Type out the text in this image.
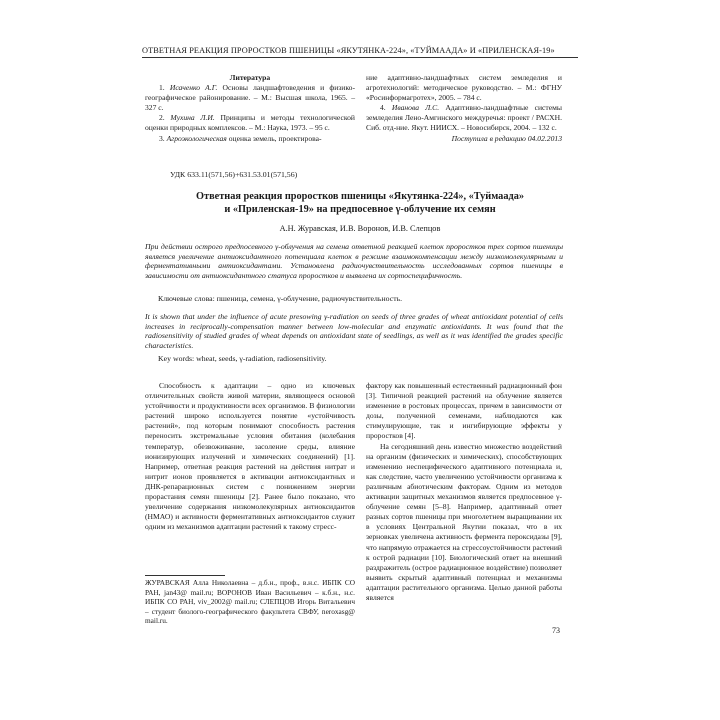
ОТВЕТНАЯ РЕАКЦИЯ ПРОРОСТКОВ ПШЕНИЦЫ «ЯКУТЯНКА-224», «ТУЙМААДА» И «ПРИЛЕНСКАЯ-19»

Литература

1. Исаченко А.Г. Основы ландшафтоведения и физико-географическое районирование. – М.: Высшая школа, 1965. – 327 с.

2. Мухина Л.И. Принципы и методы технологической оценки природных комплексов. – М.: Наука, 1973. – 95 с.

3. Агроэкологическая оценка земель, проектирова-

ние адаптивно-ландшафтных систем земледелия и агротехнологий: методическое руководство. – М.: ФГНУ «Росинформагротех», 2005. – 784 с.

4. Иванова Л.С. Адаптивно-ландшафтные системы земледелия Лено-Амгинского междуречья: проект / РАСХН. Сиб. отд-ние. Якут. НИИСХ. – Новосибирск, 2004. – 132 с.

Поступила в редакцию 04.02.2013

УДК 633.11(571,56)+631.53.01(571,56)
Ответная реакция проростков пшеницы «Якутянка-224», «Туймаада»
и «Приленская-19» на предпосевное γ-облучение их семян
А.Н. Журавская, И.В. Воронов, И.В. Слепцов
При действии острого предпосевного γ-облучения на семена ответной реакцией клеток проростков трех сортов пшеницы является увеличение антиоксидантного потенциала клеток в режиме взаимокомпенсации между низкомолекулярными и ферментативными антиоксидантами. Установлена радиочувствительность исследованных сортов пшеницы в зависимости от антиоксидантного статуса проростков и выявлена их сортоспецифичность.
Ключевые слова: пшеница, семена, γ-облучение, радиочувствительность.
It is shown that under the influence of acute presowing γ-radiation on seeds of three grades of wheat antioxidant potential of cells increases in reciprocally-compensation manner between low-molecular and enzymatic antioxidants. It was found that the radiosensitivity of studied grades of wheat depends on antioxidant state of seedlings, as well as it was identified the grades specific characteristics.
Key words: wheat, seeds, γ-radiation, radiosensitivity.

Способность к адаптации – одно из ключевых отличительных свойств живой материи, являющееся основой устойчивости и продуктивности всех организмов. В физиологии растений широко используется понятие «устойчивость растений», под которым понимают способность растения переносить экстремальные условия обитания (колебания температур, обезвоживание, засоление среды, влияние ионизирующих излучений и химических соединений) [1]. Например, ответная реакция растений на действия нитрат и нитрит ионов проявляется в активации антиоксидантных и ДНК-репарационных систем с понижением энергии прорастания семян пшеницы [2]. Ранее было показано, что увеличение содержания низкомолекулярных антиоксидантов (НМАО) и активности ферментативных антиоксидантов служит одним из механизмов адаптации растений к такому стресс-

фактору как повышенный естественный радиационный фон [3]. Типичной реакцией растений на облучение является изменение в ростовых процессах, причем в зависимости от дозы, полученной семенами, наблюдаются как стимулирующие, так и ингибирующие эффекты у проростков [4].

На сегодняшний день известно множество воздействий на организм (физических и химических), способствующих изменению неспецифического адаптивного потенциала и, как следствие, часто увеличению устойчивости организма к различным абиотическим факторам. Одним из методов активации защитных механизмов является предпосевное γ-облучение семян [5–8]. Например, адаптивный ответ разных сортов пшеницы при многолетнем выращивании их в условиях Центральной Якутии показал, что в их зерновках увеличена активность фермента пероксидазы [9], что напрямую отражается на стрессоустойчивости растений к острой радиации [10]. Биологический ответ на внешний раздражитель (острое радиационное воздействие) позволяет выявить скрытый адаптивный потенциал и механизмы адаптации растительного организма. Целью данной работы является

ЖУРАВСКАЯ Алла Николаевна – д.б.н., проф., в.н.с. ИБПК СО РАН, jan43@ mail.ru; ВОРОНОВ Иван Васильевич – к.б.н., н.с. ИБПК СО РАН, viv_2002@ mail.ru; СЛЕПЦОВ Игорь Витальевич – студент биолого-географического факультета СВФУ, neroxasg@ mail.ru.
73
